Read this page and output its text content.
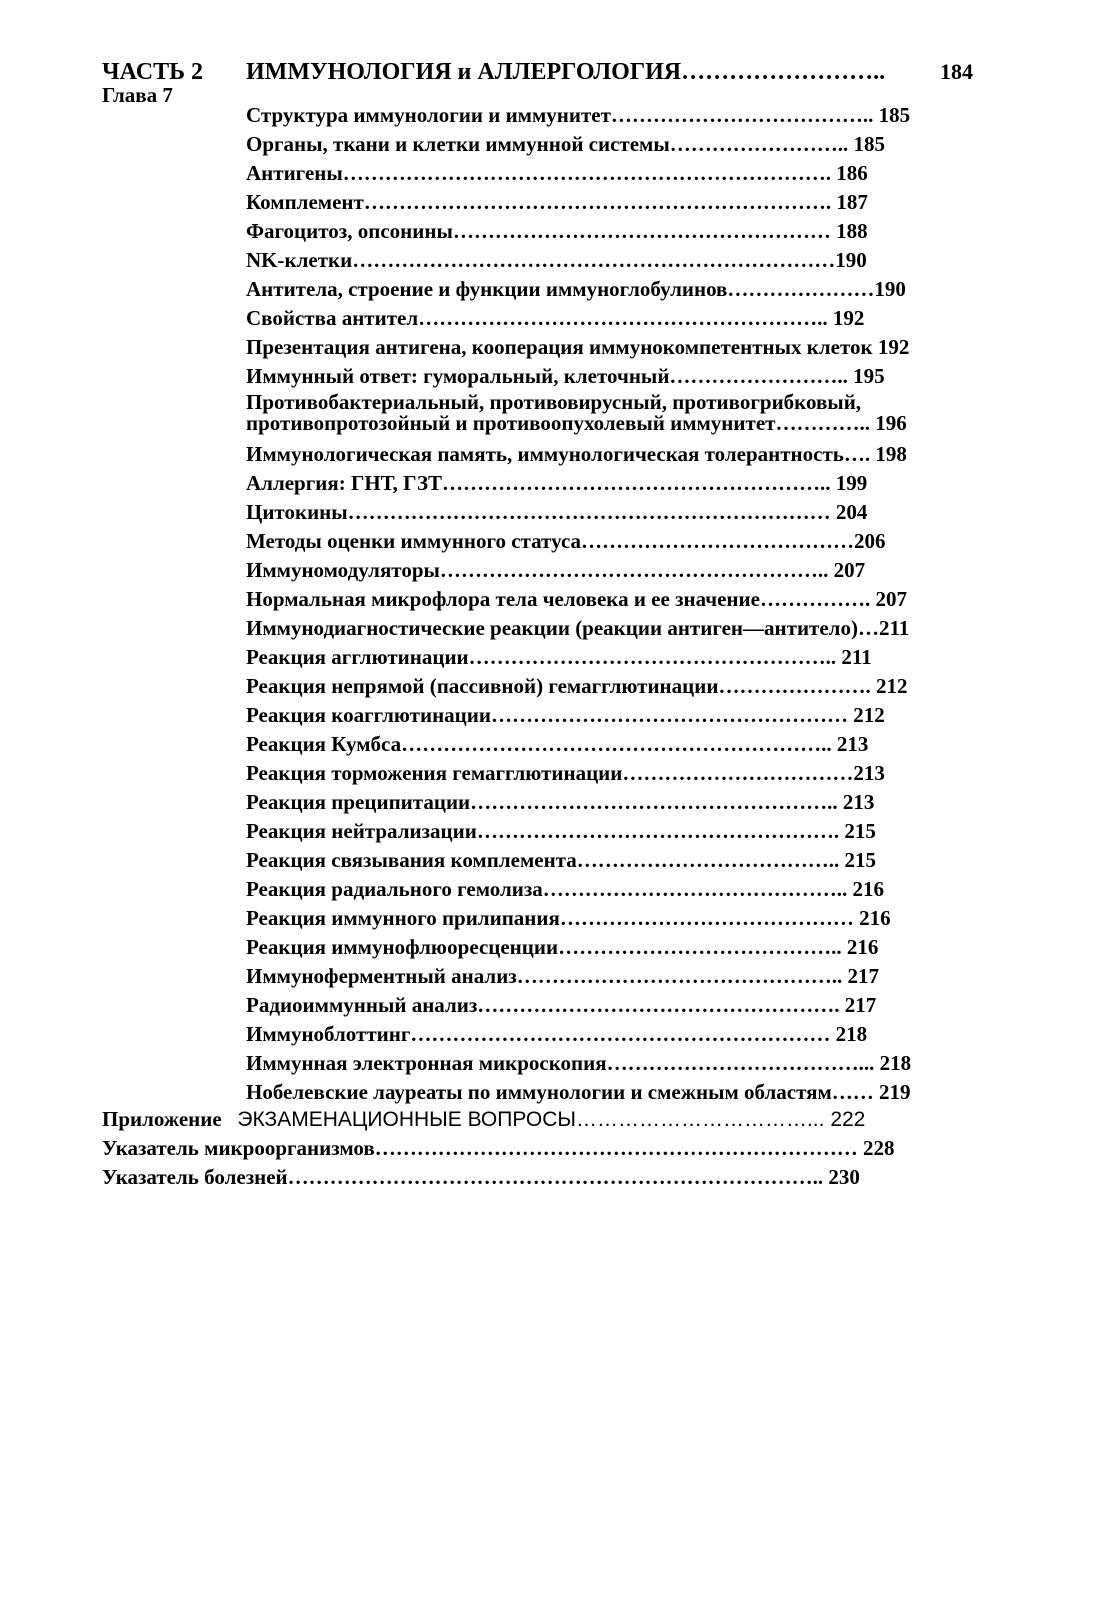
ЧАСТЬ 2 ИММУНОЛОГИЯ и АЛЛЕРГОЛОГИЯ…………………….. 184
Глава 7
Структура иммунологии и иммунитет……………………………….. 185
Органы, ткани и клетки иммунной системы…………………….. 185
Антигены……………………………………………………………. 186
Комплемент…………………………………………………………. 187
Фагоцитоз, опсонины……………………………………………… 188
NK-клетки……………………………………………………………190
Антитела, строение и функции иммуноглобулинов…………………190
Свойства антител………………………………………………….. 192
Презентация антигена, кооперация иммунокомпетентных клеток 192
Иммунный ответ: гуморальный, клеточный…………………….. 195
Противобактериальный, противовирусный, противогрибковый,
противопротозойный и противоопухолевый иммунитет………….. 196
Иммунологическая память, иммунологическая толерантность…. 198
Аллергия: ГНТ, ГЗТ……………………………………………….. 199
Цитокины…………………………………………………………… 204
Методы оценки иммунного статуса…………………………………206
Иммуномодуляторы……………………………………………….. 207
Нормальная микрофлора тела человека и ее значение……………. 207
Иммунодиагностические реакции (реакции антиген—антитело)…211
Реакция агглютинации…………………………………………….. 211
Реакция непрямой (пассивной) гемагглютинации…………………. 212
Реакция коагглютинации…………………………………………… 212
Реакция Кумбса…………………………………………………….. 213
Реакция торможения гемагглютинации……………………………213
Реакция преципитации…………………………………………….. 213
Реакция нейтрализации……………………………………………. 215
Реакция связывания комплемента……………………………….. 215
Реакция радиального гемолиза…………………………………….. 216
Реакция иммунного прилипания…………………………………… 216
Реакция иммунофлюоресценции………………………………….. 216
Иммуноферментный анализ……………………………………….. 217
Радиоиммунный анализ……………………………………………. 217
Иммуноблоттинг…………………………………………………… 218
Иммунная электронная микроскопия………………………………... 218
Нобелевские лауреаты по иммунологии и смежным областям…… 219
Приложение ЭКЗАМЕНАЦИОННЫЕ ВОПРОСЫ……………………………... 222
Указатель микроорганизмов…………………………………………………………… 228
Указатель болезней………………………………………………………………….. 230
